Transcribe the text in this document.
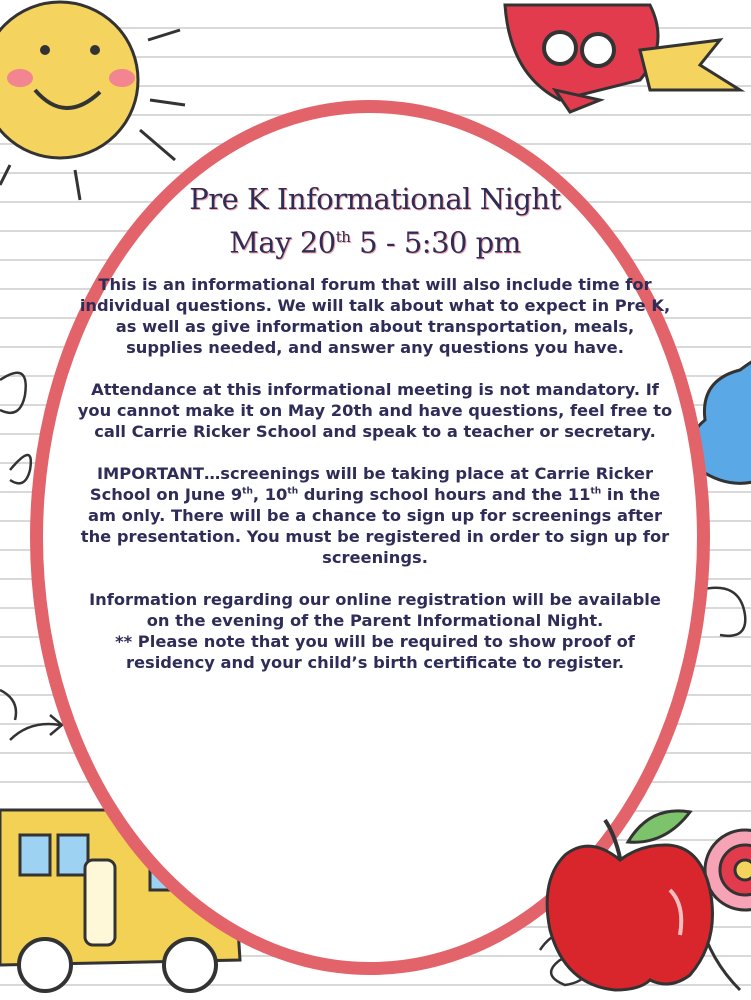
Pre K Informational Night
May 20th 5 - 5:30 pm

This is an informational forum that will also include time for individual questions. We will talk about what to expect in Pre K, as well as give information about transportation, meals, supplies needed, and answer any questions you have.

Attendance at this informational meeting is not mandatory. If you cannot make it on May 20th and have questions, feel free to call Carrie Ricker School and speak to a teacher or secretary.

IMPORTANT…screenings will be taking place at Carrie Ricker School on June 9th, 10th during school hours and the 11th in the am only. There will be a chance to sign up for screenings after the presentation. You must be registered in order to sign up for screenings.

Information regarding our online registration will be available on the evening of the Parent Informational Night.

** Please note that you will be required to show proof of residency and your child’s birth certificate to register.
